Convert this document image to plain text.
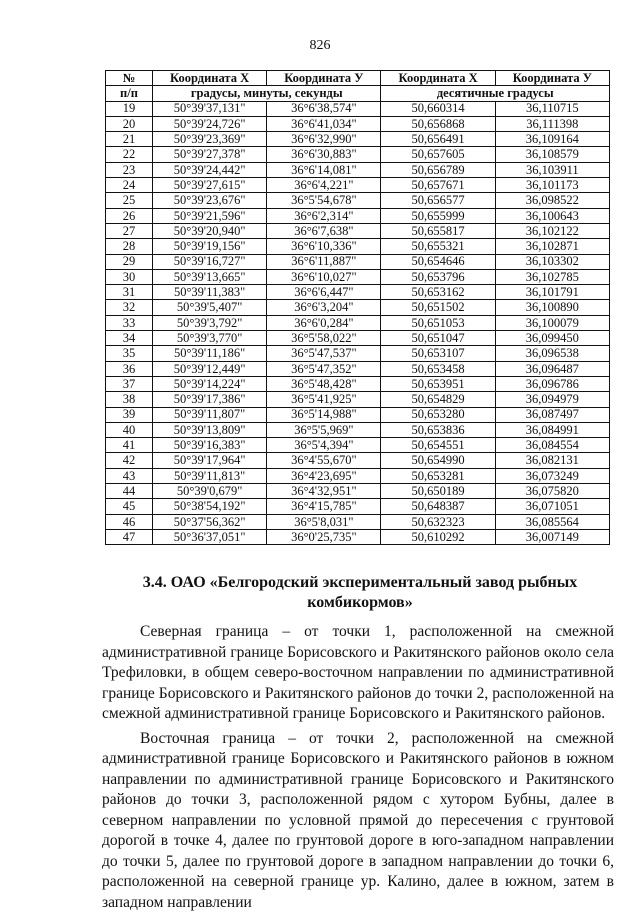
826
№	Координата X	Координата У	Координата X	Координата У
п/п	градусы, минуты, секунды		десятичные градусы	
19	50°39'37,131"	36°6'38,574"	50,660314	36,110715
20	50°39'24,726"	36°6'41,034"	50,656868	36,111398
21	50°39'23,369"	36°6'32,990"	50,656491	36,109164
22	50°39'27,378"	36°6'30,883"	50,657605	36,108579
23	50°39'24,442"	36°6'14,081"	50,656789	36,103911
24	50°39'27,615"	36°6'4,221"	50,657671	36,101173
25	50°39'23,676"	36°5'54,678"	50,656577	36,098522
26	50°39'21,596"	36°6'2,314"	50,655999	36,100643
27	50°39'20,940"	36°6'7,638"	50,655817	36,102122
28	50°39'19,156"	36°6'10,336"	50,655321	36,102871
29	50°39'16,727"	36°6'11,887"	50,654646	36,103302
30	50°39'13,665"	36°6'10,027"	50,653796	36,102785
31	50°39'11,383"	36°6'6,447"	50,653162	36,101791
32	50°39'5,407"	36°6'3,204"	50,651502	36,100890
33	50°39'3,792"	36°6'0,284"	50,651053	36,100079
34	50°39'3,770"	36°5'58,022"	50,651047	36,099450
35	50°39'11,186"	36°5'47,537"	50,653107	36,096538
36	50°39'12,449"	36°5'47,352"	50,653458	36,096487
37	50°39'14,224"	36°5'48,428"	50,653951	36,096786
38	50°39'17,386"	36°5'41,925"	50,654829	36,094979
39	50°39'11,807"	36°5'14,988"	50,653280	36,087497
40	50°39'13,809"	36°5'5,969"	50,653836	36,084991
41	50°39'16,383"	36°5'4,394"	50,654551	36,084554
42	50°39'17,964"	36°4'55,670"	50,654990	36,082131
43	50°39'11,813"	36°4'23,695"	50,653281	36,073249
44	50°39'0,679"	36°4'32,951"	50,650189	36,075820
45	50°38'54,192"	36°4'15,785"	50,648387	36,071051
46	50°37'56,362"	36°5'8,031"	50,632323	36,085564
47	50°36'37,051"	36°0'25,735"	50,610292	36,007149
3.4. ОАО «Белгородский экспериментальный завод рыбных комбикормов»

Северная граница – от точки 1, расположенной на смежной административной границе Борисовского и Ракитянского районов около села Трефиловки, в общем северо-восточном направлении по административной границе Борисовского и Ракитянского районов до точки 2, расположенной на смежной административной границе Борисовского и Ракитянского районов.

Восточная граница – от точки 2, расположенной на смежной административной границе Борисовского и Ракитянского районов в южном направлении по административной границе Борисовского и Ракитянского районов до точки 3, расположенной рядом с хутором Бубны, далее в северном направлении по условной прямой до пересечения с грунтовой дорогой в точке 4, далее по грунтовой дороге в юго-западном направлении до точки 5, далее по грунтовой дороге в западном направлении до точки 6, расположенной на северной границе ур. Калино, далее в южном, затем в западном направлении
